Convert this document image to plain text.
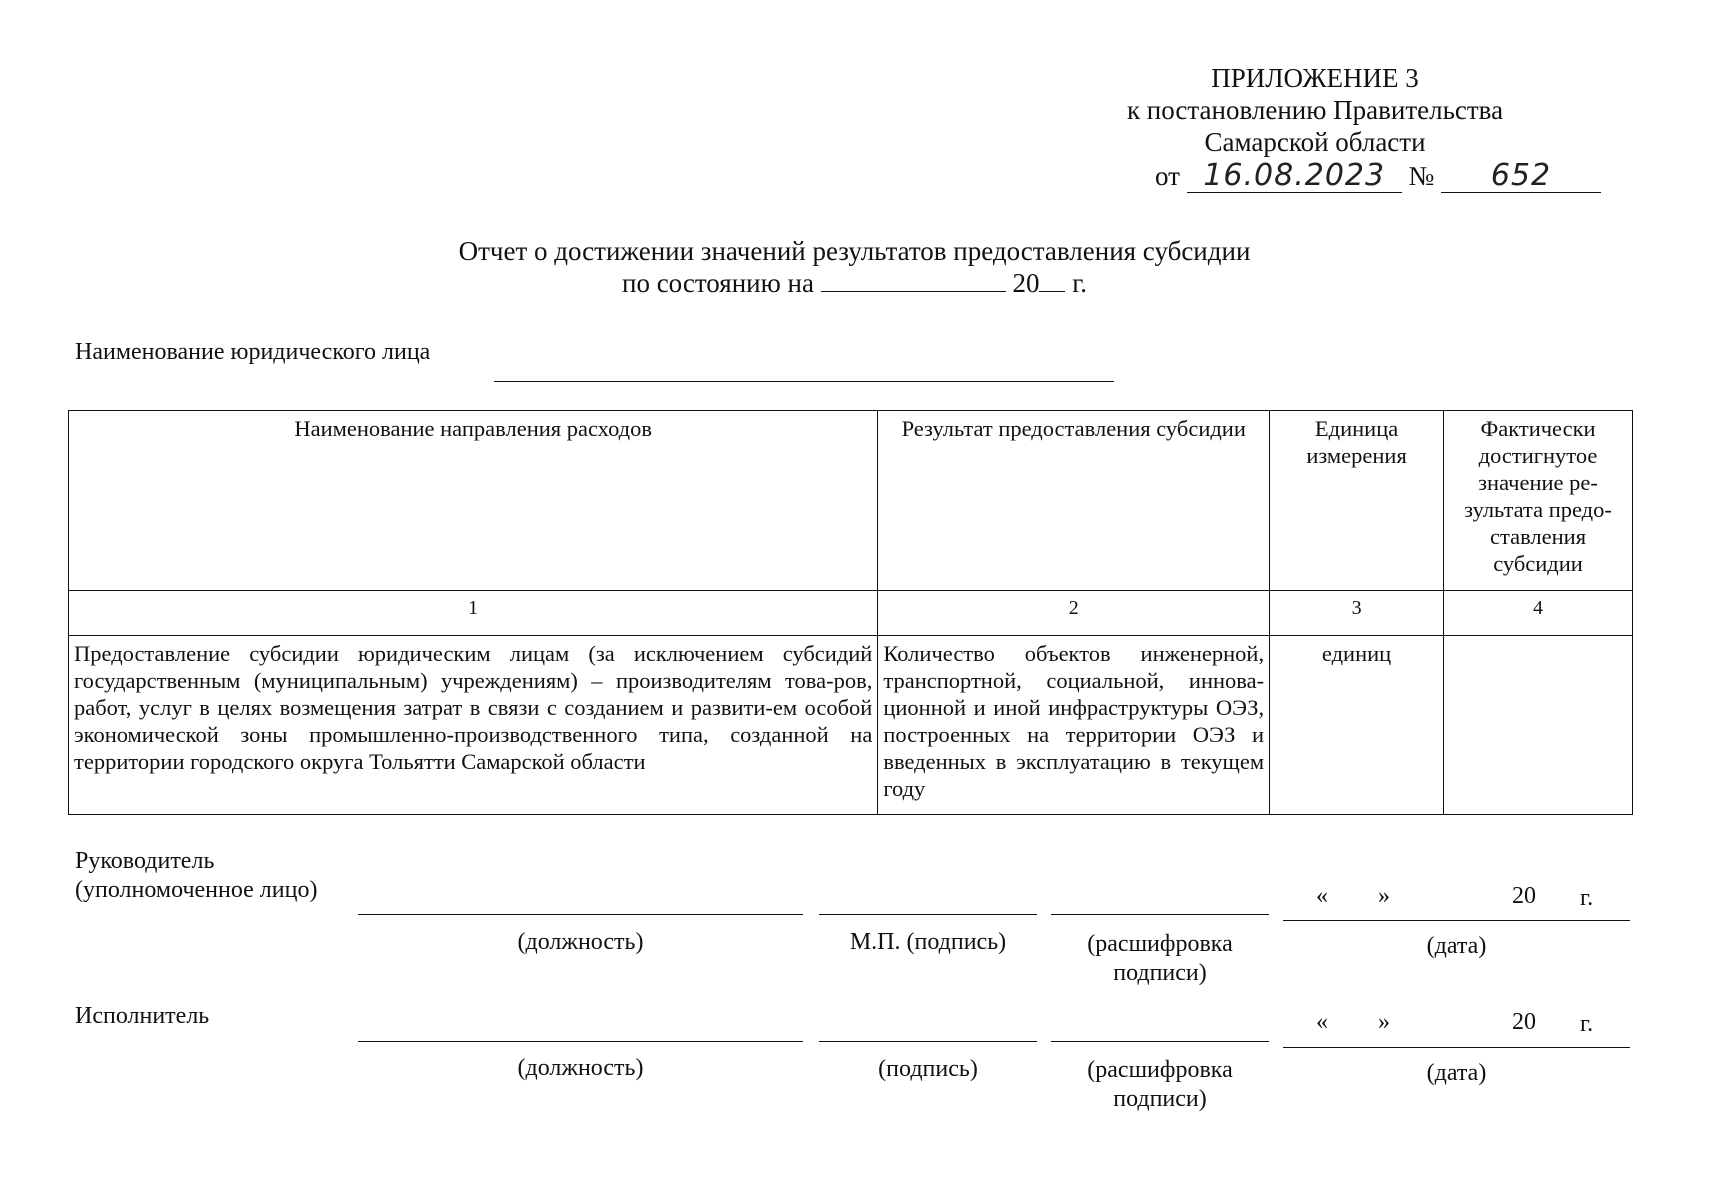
ПРИЛОЖЕНИЕ 3
к постановлению Правительства
Самарской области
от 16.08.2023 № 652
Отчет о достижении значений результатов предоставления субсидии
по состоянию на	20 г.
Наименование юридического лица
Наименование направления расходов	Результат предоставления субсидии	Единица измерения	Фактически достигнутое значение ре-зультата предо-ставления субсидии
1	2	3	4
Предоставление субсидии юридическим лицам (за исключением субсидий государственным (муниципальным) учреждениям) – производителям това-ров, работ, услуг в целях возмещения затрат в связи с созданием и развити-ем особой экономической зоны промышленно-производственного типа, созданной на территории городского округа Тольятти Самарской области	Количество объектов инженерной, транспортной, социальной, иннова-ционной и иной инфраструктуры ОЭЗ, построенных на территории ОЭЗ и введенных в эксплуатацию в текущем году	единиц	
Руководитель
(уполномоченное лицо)	« »	20 г.
(должность)	М.П. (подпись)	(расшифровка
подписи)
(дата)
Исполнитель	« »	20 г.
(должность)	(подпись)	(расшифровка
подписи)
(дата)
